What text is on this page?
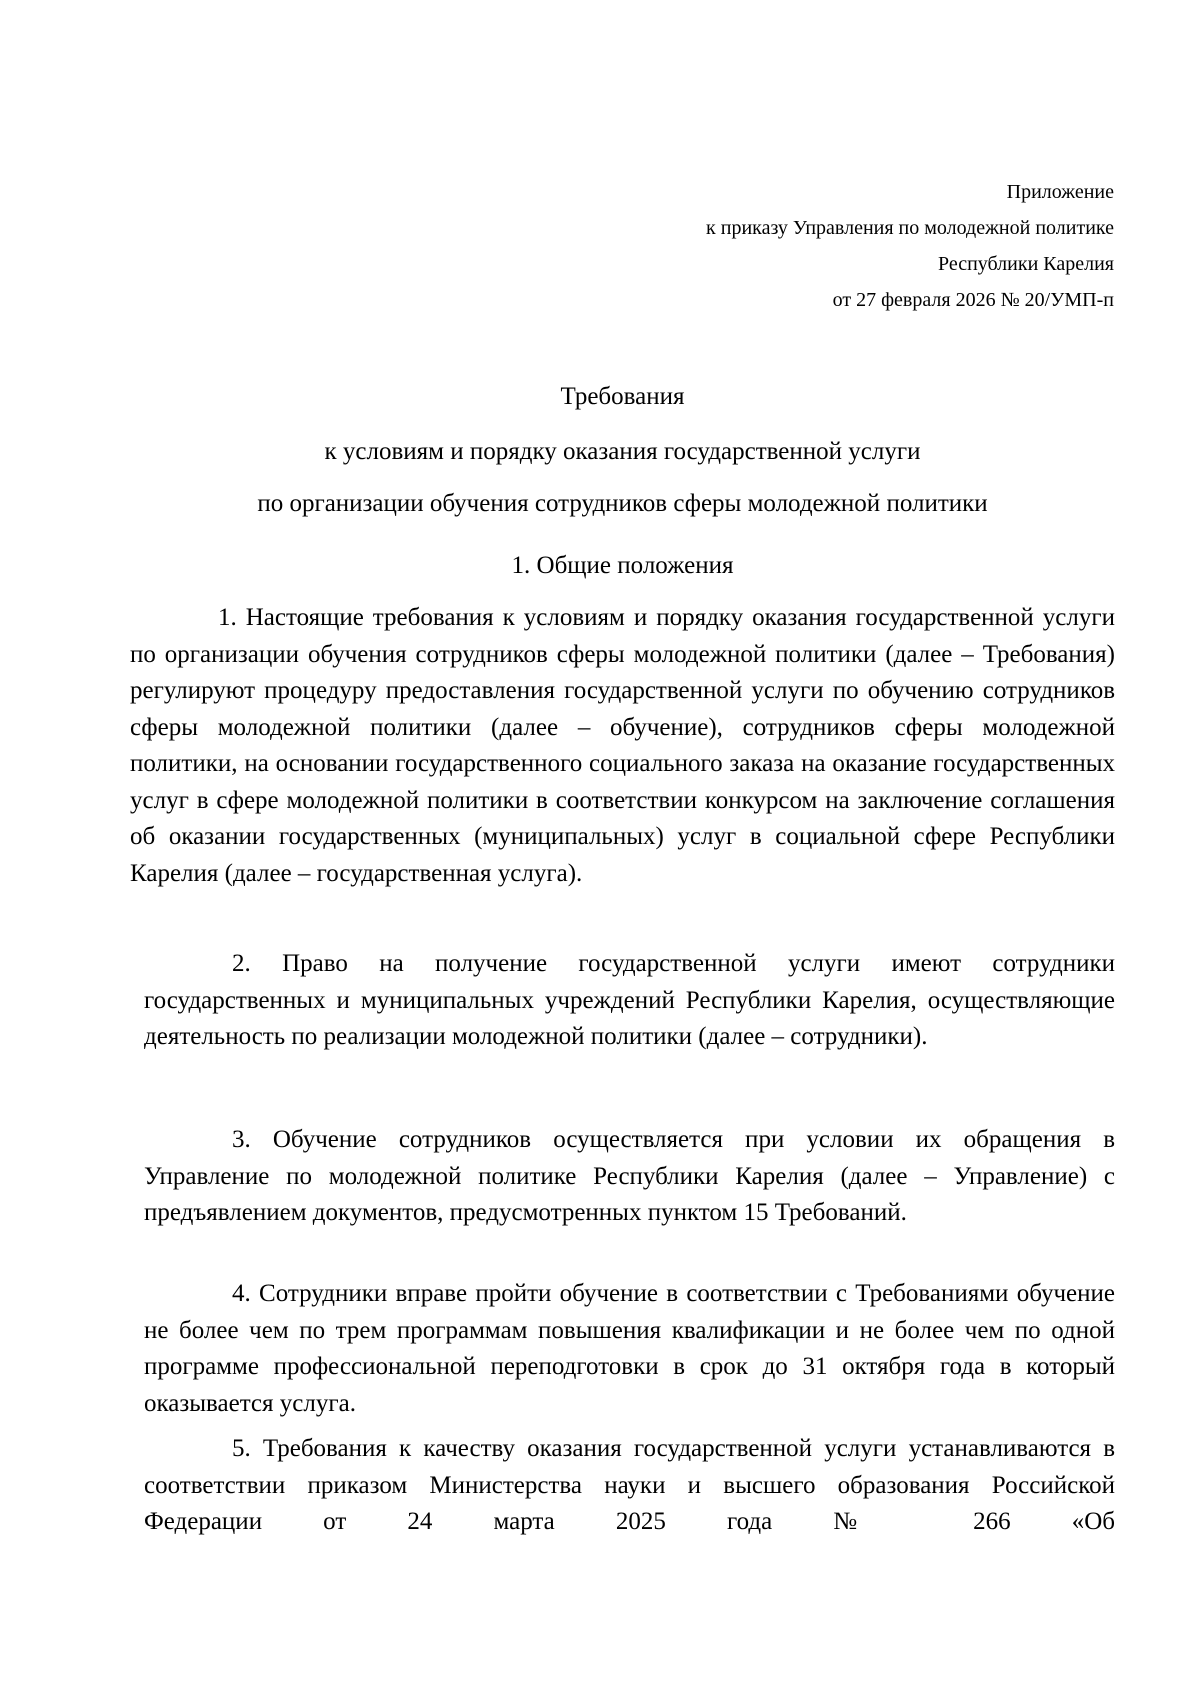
Приложение
к приказу Управления по молодежной политике
Республики Карелия
от 27 февраля 2026 № 20/УМП-п
Требования
к условиям и порядку оказания государственной услуги
по организации обучения сотрудников сферы молодежной политики
1. Общие положения
1. Настоящие требования к условиям и порядку оказания государственной услуги по организации обучения сотрудников сферы молодежной политики (далее – Требования) регулируют процедуру предоставления государственной услуги по обучению сотрудников сферы молодежной политики (далее – обучение), сотрудников сферы молодежной политики, на основании государственного социального заказа на оказание государственных услуг в сфере молодежной политики в соответствии конкурсом на заключение соглашения об оказании государственных (муниципальных) услуг в социальной сфере Республики Карелия (далее – государственная услуга).
2. Право на получение государственной услуги имеют сотрудники государственных и муниципальных учреждений Республики Карелия, осуществляющие деятельность по реализации молодежной политики (далее – сотрудники).
3. Обучение сотрудников осуществляется при условии их обращения в Управление по молодежной политике Республики Карелия (далее – Управление) с предъявлением документов, предусмотренных пунктом 15 Требований.
4. Сотрудники вправе пройти обучение в соответствии с Требованиями обучение не более чем по трем программам повышения квалификации и не более чем по одной программе профессиональной переподготовки в срок до 31 октября года в который оказывается услуга.
5. Требования к качеству оказания государственной услуги устанавливаются в соответствии приказом Министерства науки и высшего образования Российской Федерации от 24 марта 2025 года № 266 «Об
